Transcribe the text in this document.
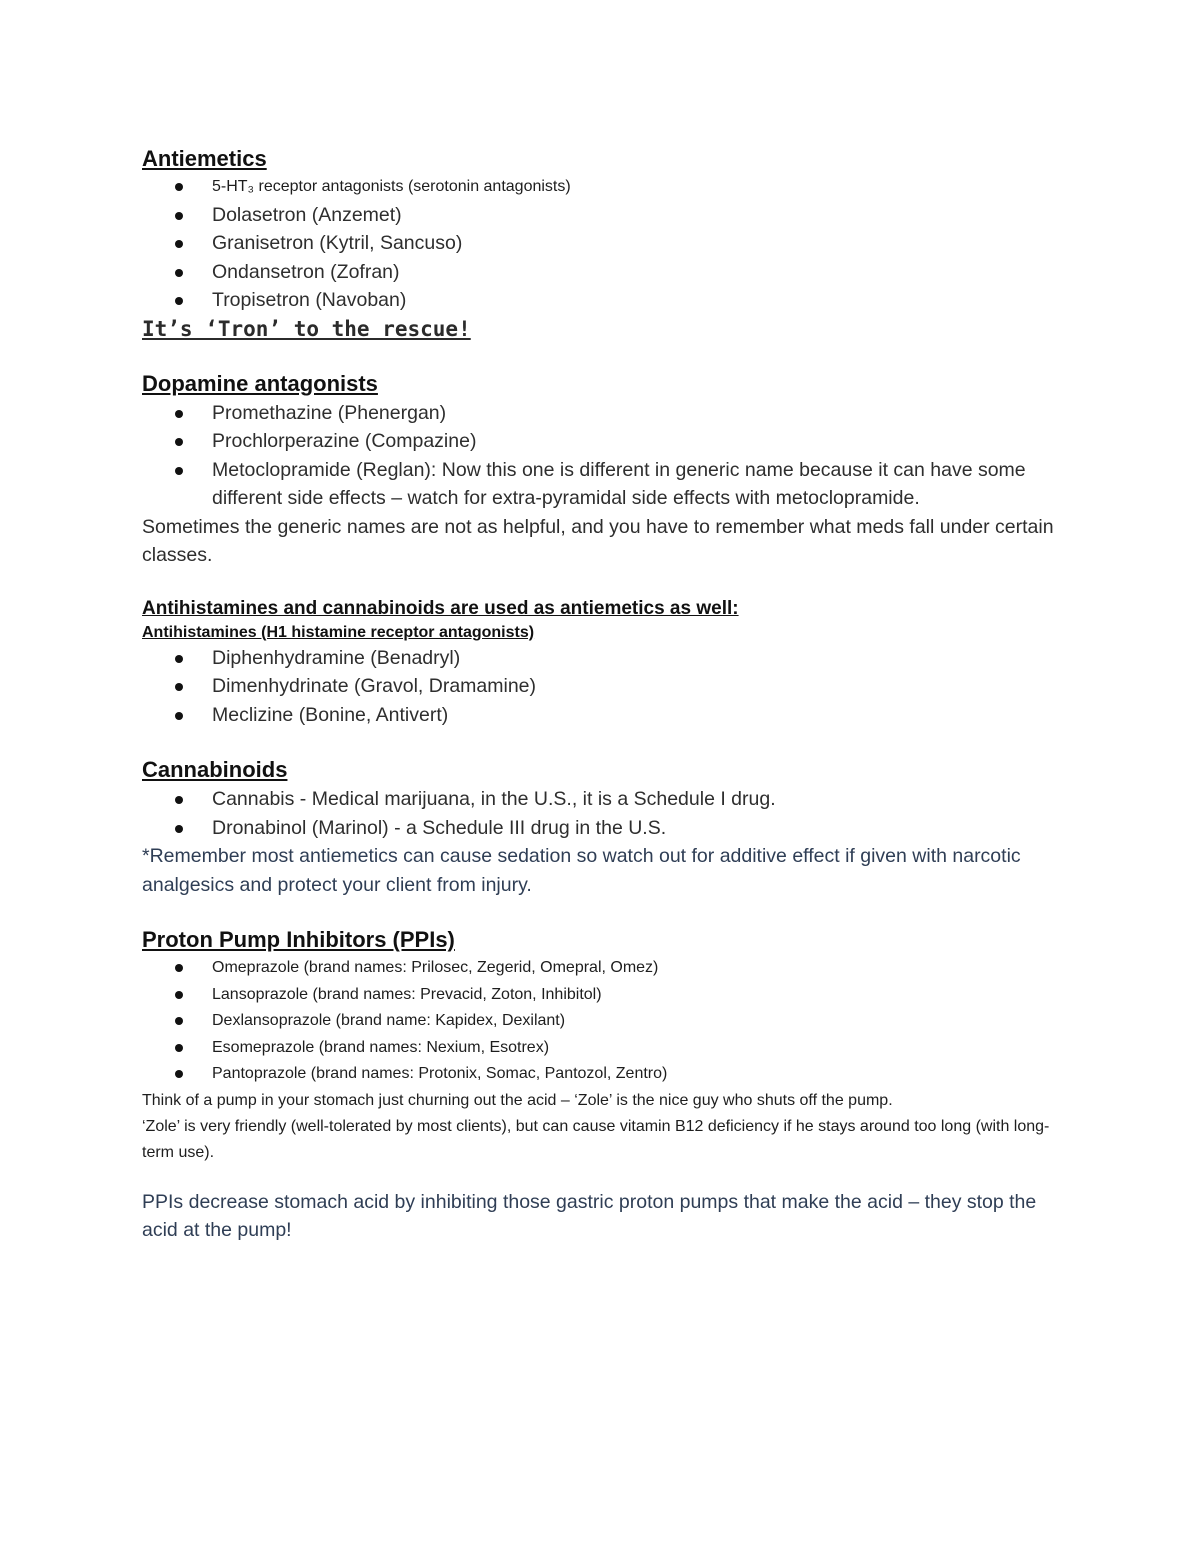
Antiemetics
5-HT₃ receptor antagonists (serotonin antagonists)
Dolasetron (Anzemet)
Granisetron (Kytril, Sancuso)
Ondansetron (Zofran)
Tropisetron (Navoban)

It’s ‘Tron’ to the rescue!

Dopamine antagonists
Promethazine (Phenergan)
Prochlorperazine (Compazine)
Metoclopramide (Reglan): Now this one is different in generic name because it can have some different side effects – watch for extra-pyramidal side effects with metoclopramide.

Sometimes the generic names are not as helpful, and you have to remember what meds fall under certain classes.

Antihistamines and cannabinoids are used as antiemetics as well:

Antihistamines (H1 histamine receptor antagonists)

Diphenhydramine (Benadryl)
Dimenhydrinate (Gravol, Dramamine)
Meclizine (Bonine, Antivert)
Cannabinoids
Cannabis - Medical marijuana, in the U.S., it is a Schedule I drug.
Dronabinol (Marinol) - a Schedule III drug in the U.S.

*Remember most antiemetics can cause sedation so watch out for additive effect if given with narcotic analgesics and protect your client from injury.

Proton Pump Inhibitors (PPIs)
Omeprazole (brand names: Prilosec, Zegerid, Omepral, Omez)
Lansoprazole (brand names: Prevacid, Zoton, Inhibitol)
Dexlansoprazole (brand name: Kapidex, Dexilant)
Esomeprazole (brand names: Nexium, Esotrex)
Pantoprazole (brand names: Protonix, Somac, Pantozol, Zentro)

Think of a pump in your stomach just churning out the acid – ‘Zole’ is the nice guy who shuts off the pump.

‘Zole’ is very friendly (well-tolerated by most clients), but can cause vitamin B12 deficiency if he stays around too long (with long-term use).

PPIs decrease stomach acid by inhibiting those gastric proton pumps that make the acid – they stop the acid at the pump!
